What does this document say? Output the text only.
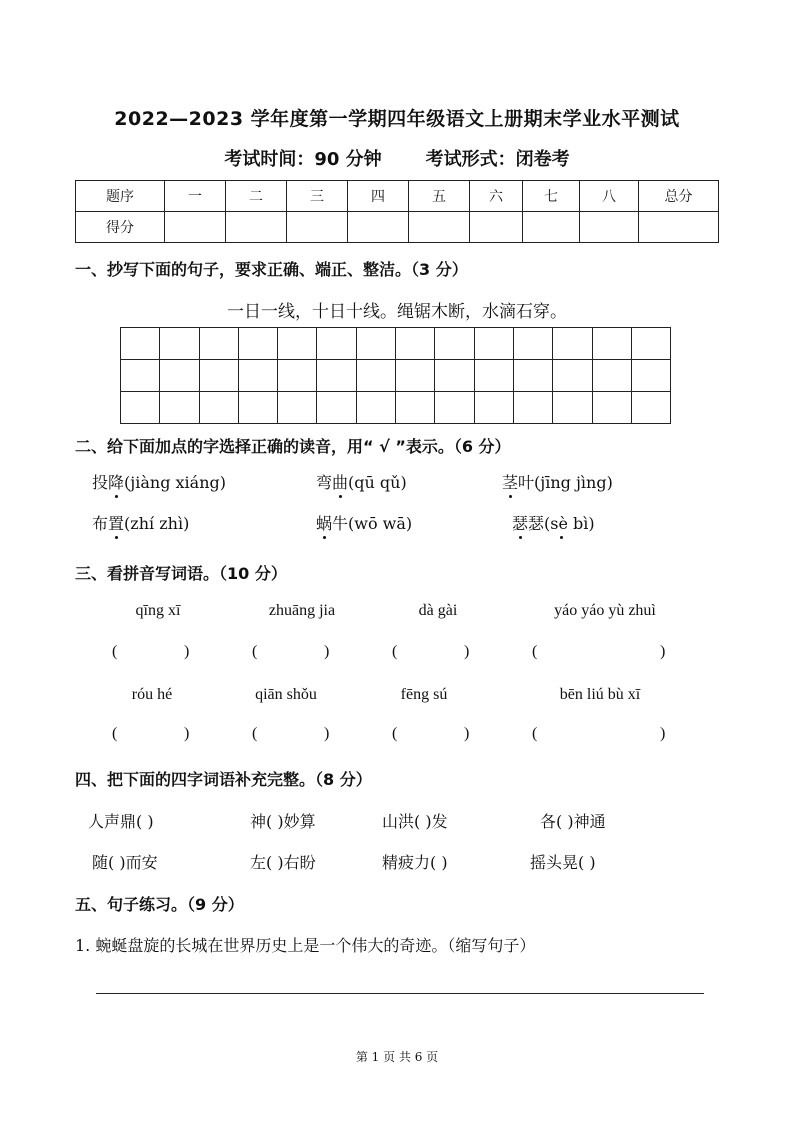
2022—2023 学年度第一学期四年级语文上册期末学业水平测试
考试时间：90 分钟 考试形式：闭卷考
题序	一	二	三	四	五	六	七	八	总分
得分									
一、抄写下面的句子，要求正确、端正、整洁。（3 分）
一日一线，十日十线。绳锯木断，水滴石穿。

二、给下面加点的字选择正确的读音，用“ √ ”表示。（6 分）
投降(jiàng xiáng)	弯曲(qū qǔ)	茎叶(jīng jìng)
布置(zhí zhì)	蜗牛(wō wā)	瑟瑟(sè bì)
三、看拼音写词语。（10 分）
qīng xī	zhuāng jia	dà gài	yáo yáo yù zhuì
(	)	(	)	(	)	(	)
róu hé	qiān shǒu	fēng sú	bēn liú bù xī
(	)	(	)	(	)	(	)
四、把下面的四字词语补充完整。（8 分）
人声鼎( )	神( )妙算	山洪( )发	各( )神通
随( )而安	左( )右盼	精疲力( )	摇头晃( )
五、句子练习。（9 分）
1. 蜿蜒盘旋的长城在世界历史上是一个伟大的奇迹。（缩写句子）
第 1 页 共 6 页
